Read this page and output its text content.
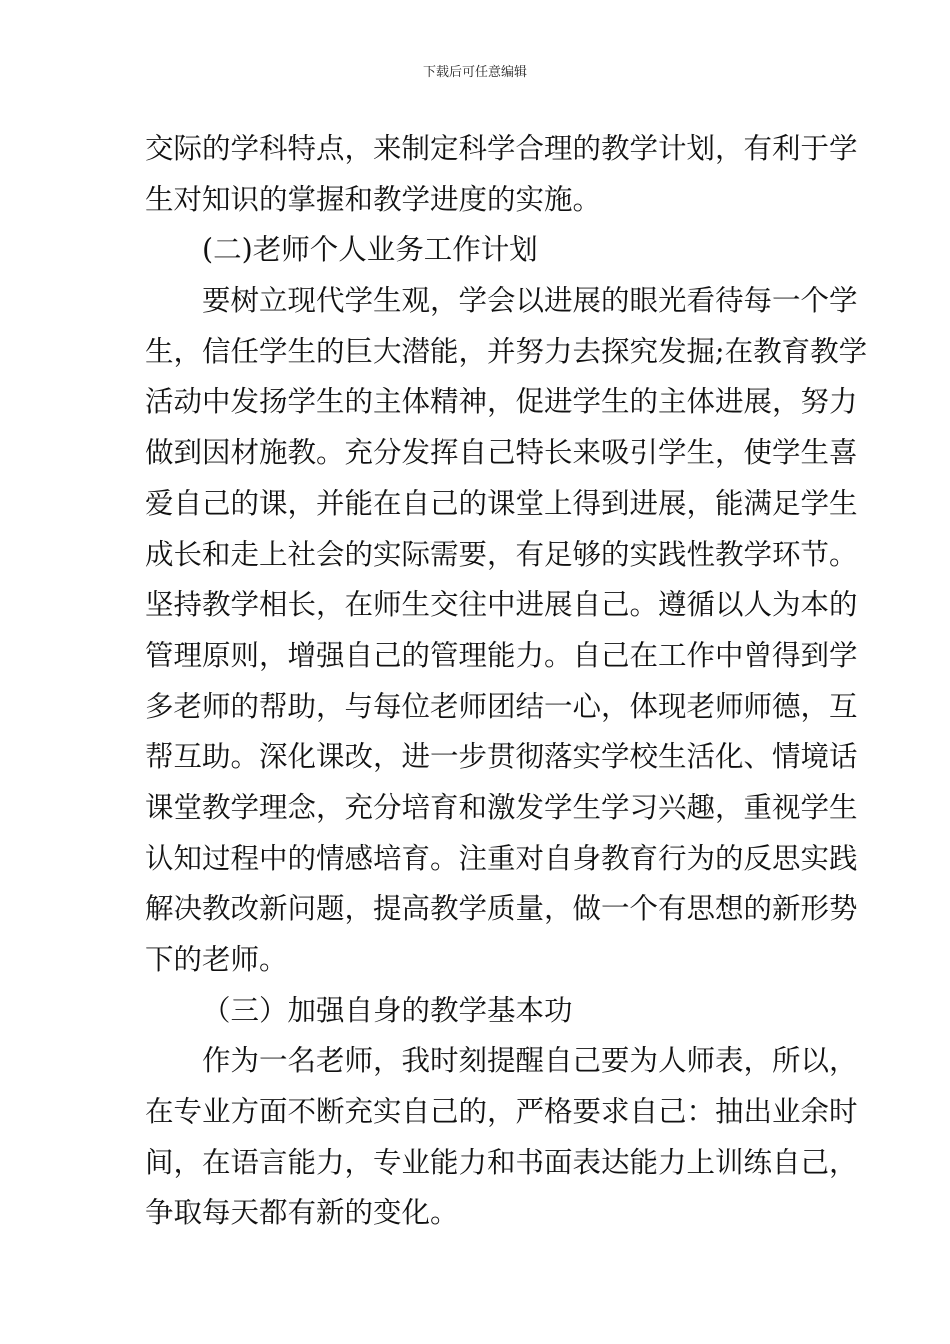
下载后可任意编辑
交际的学科特点，来制定科学合理的教学计划，有利于学
生对知识的掌握和教学进度的实施。
(二)老师个人业务工作计划
要树立现代学生观，学会以进展的眼光看待每一个学
生，信任学生的巨大潜能，并努力去探究发掘;在教育教学
活动中发扬学生的主体精神，促进学生的主体进展，努力
做到因材施教。充分发挥自己特长来吸引学生，使学生喜
爱自己的课，并能在自己的课堂上得到进展，能满足学生
成长和走上社会的实际需要，有足够的实践性教学环节。
坚持教学相长，在师生交往中进展自己。遵循以人为本的
管理原则，增强自己的管理能力。自己在工作中曾得到学
多老师的帮助，与每位老师团结一心，体现老师师德，互
帮互助。深化课改，进一步贯彻落实学校生活化、情境话
课堂教学理念，充分培育和激发学生学习兴趣，重视学生
认知过程中的情感培育。注重对自身教育行为的反思实践
解决教改新问题，提高教学质量，做一个有思想的新形势
下的老师。
（三）加强自身的教学基本功
作为一名老师，我时刻提醒自己要为人师表，所以，
在专业方面不断充实自己的，严格要求自己：抽出业余时
间，在语言能力，专业能力和书面表达能力上训练自己，
争取每天都有新的变化。
